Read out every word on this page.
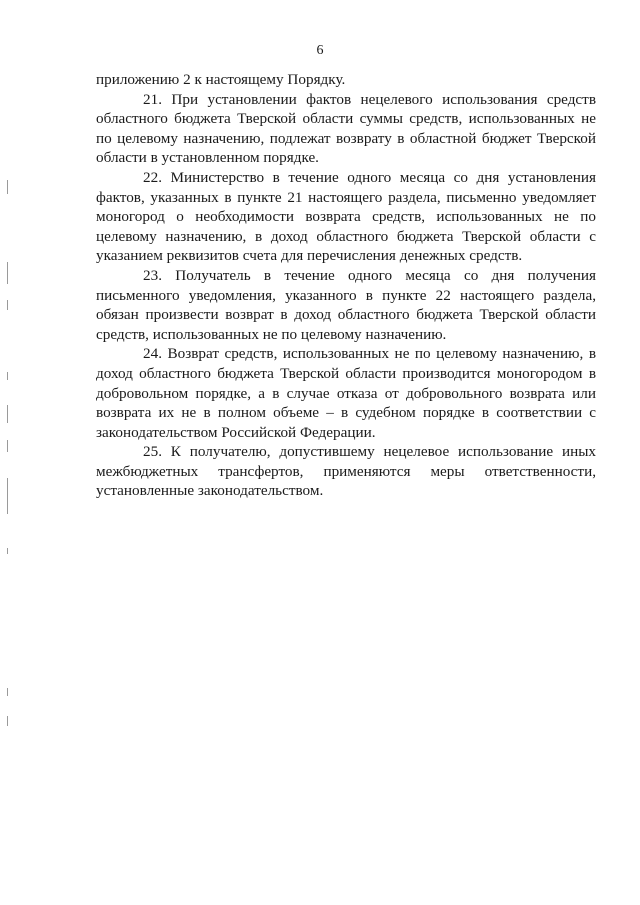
6

приложению 2 к настоящему Порядку.

21. При установлении фактов нецелевого использования средств областного бюджета Тверской области суммы средств, использованных не по целевому назначению, подлежат возврату в областной бюджет Тверской области в установленном порядке.

22. Министерство в течение одного месяца со дня установления фактов, указанных в пункте 21 настоящего раздела, письменно уведомляет моногород о необходимости возврата средств, использованных не по целевому назначению, в доход областного бюджета Тверской области с указанием реквизитов счета для перечисления денежных средств.

23. Получатель в течение одного месяца со дня получения письменного уведомления, указанного в пункте 22 настоящего раздела, обязан произвести возврат в доход областного бюджета Тверской области средств, использованных не по целевому назначению.

24. Возврат средств, использованных не по целевому назначению, в доход областного бюджета Тверской области производится моногородом в добровольном порядке, а в случае отказа от добровольного возврата или возврата их не в полном объеме – в судебном порядке в соответствии с законодательством Российской Федерации.

25. К получателю, допустившему нецелевое использование иных межбюджетных трансфертов, применяются меры ответственности, установленные законодательством.
